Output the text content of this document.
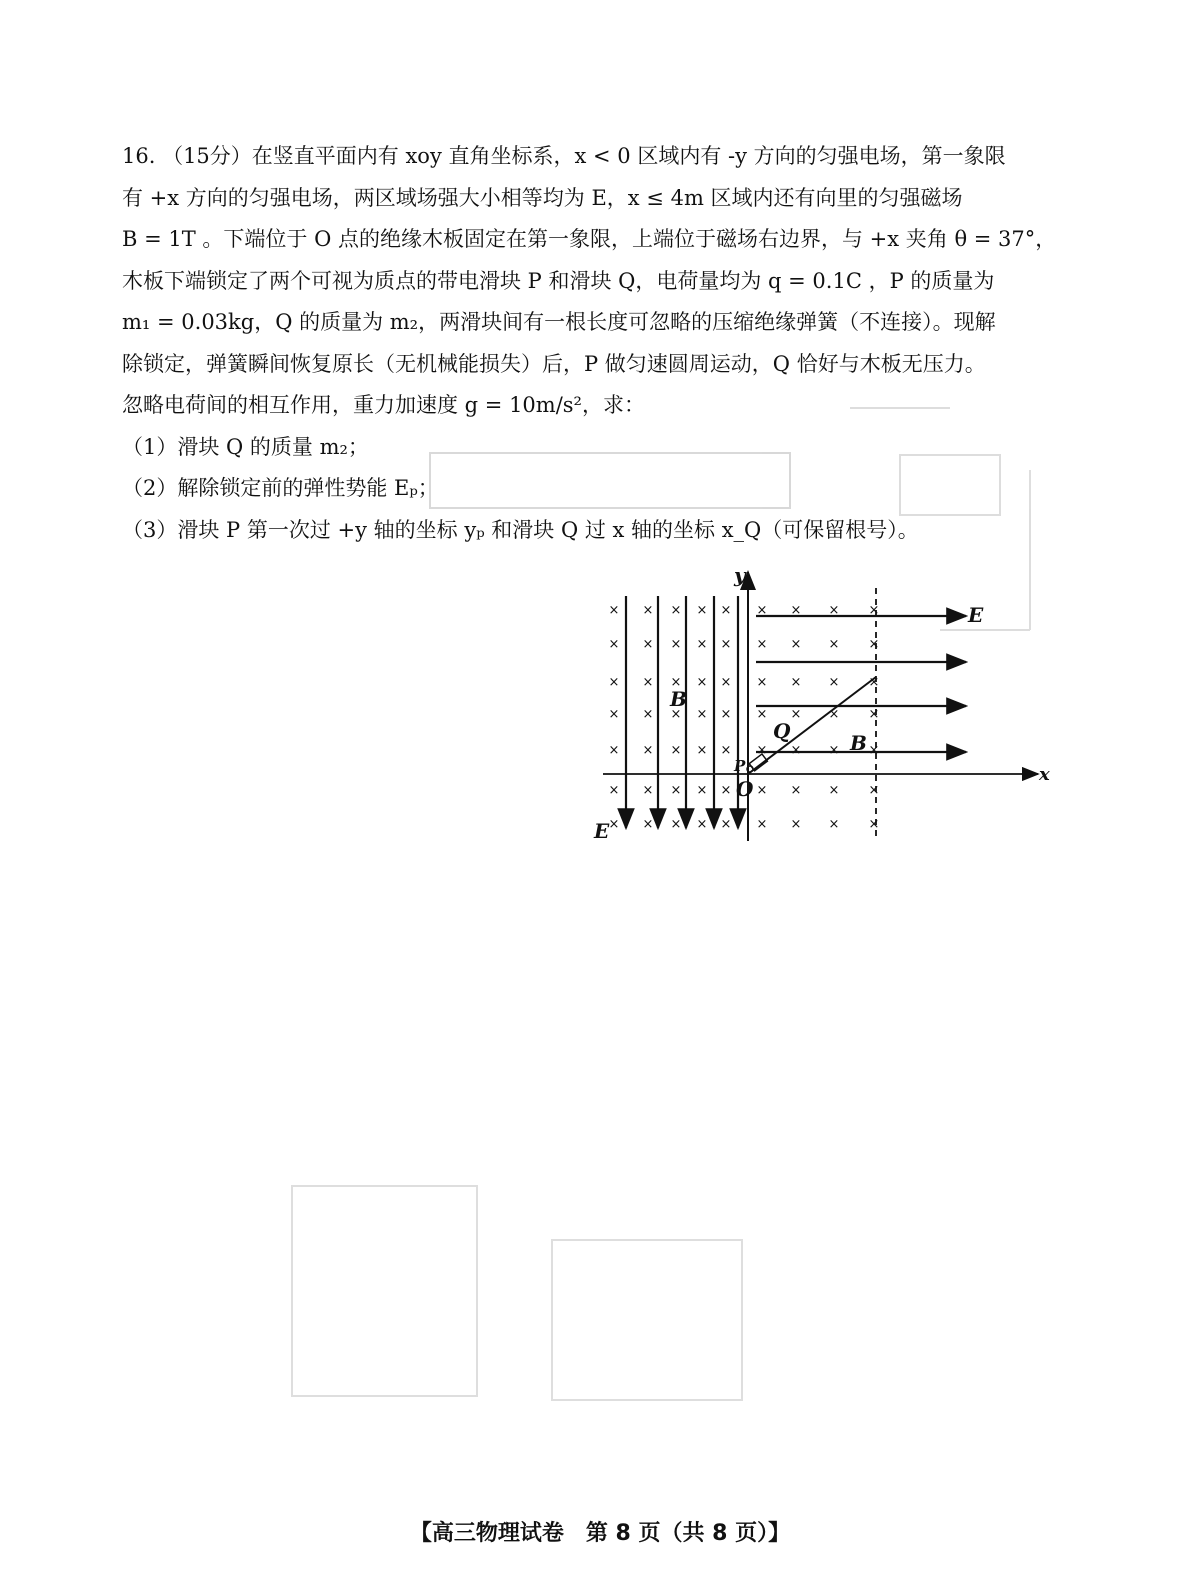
16. （15分）在竖直平面内有 xoy 直角坐标系，x < 0 区域内有 -y 方向的匀强电场，第一象限

有 +x 方向的匀强电场，两区域场强大小相等均为 E，x ≤ 4m 区域内还有向里的匀强磁场

B = 1T 。下端位于 O 点的绝缘木板固定在第一象限，上端位于磁场右边界，与 +x 夹角 θ = 37°，

木板下端锁定了两个可视为质点的带电滑块 P 和滑块 Q，电荷量均为 q = 0.1C ，P 的质量为

m₁ = 0.03kg，Q 的质量为 m₂，两滑块间有一根长度可忽略的压缩绝缘弹簧（不连接）。现解

除锁定，弹簧瞬间恢复原长（无机械能损失）后，P 做匀速圆周运动，Q 恰好与木板无压力。

忽略电荷间的相互作用，重力加速度 g = 10m/s²，求：

（1）滑块 Q 的质量 m₂；

（2）解除锁定前的弹性势能 Eₚ；

（3）滑块 P 第一次过 +y 轴的坐标 yₚ 和滑块 Q 过 x 轴的坐标 x_Q（可保留根号）。

×
×
×
×
×
×
×
×
×
×
×
×
×
×
×
×
×
×
×
×
×
×
×
×
×
×
×
×
×
×
×
×
×
×
×
×
×
×
×
×
×
×
×
×
×
×
×
×
×
×
×
×
×
×
×
×
×
×
×
×
×
×
×
y
x
O
E
E
B
B
Q
P
【高三物理试卷　第 8 页（共 8 页）】
